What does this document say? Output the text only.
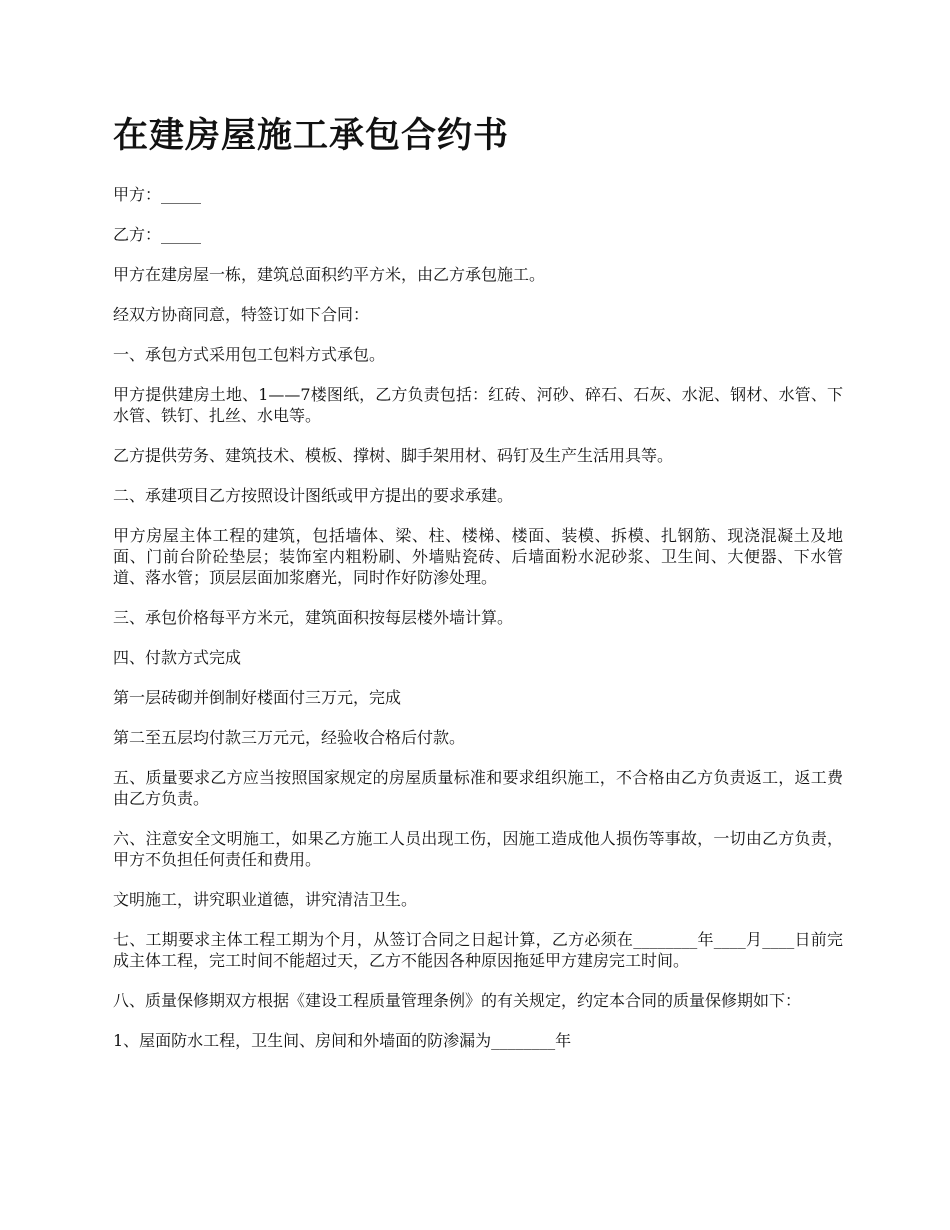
在建房屋施工承包合约书

甲方：_____

乙方：_____

甲方在建房屋一栋，建筑总面积约平方米，由乙方承包施工。

经双方协商同意，特签订如下合同：

一、承包方式采用包工包料方式承包。

甲方提供建房土地、1——7楼图纸，乙方负责包括：红砖、河砂、碎石、石灰、水泥、钢材、水管、下水管、铁钉、扎丝、水电等。

乙方提供劳务、建筑技术、模板、撑树、脚手架用材、码钉及生产生活用具等。

二、承建项目乙方按照设计图纸或甲方提出的要求承建。

甲方房屋主体工程的建筑，包括墙体、梁、柱、楼梯、楼面、装模、拆模、扎钢筋、现浇混凝土及地面、门前台阶砼垫层；装饰室内粗粉刷、外墙贴瓷砖、后墙面粉水泥砂浆、卫生间、大便器、下水管道、落水管；顶层层面加浆磨光，同时作好防渗处理。

三、承包价格每平方米元，建筑面积按每层楼外墙计算。

四、付款方式完成

第一层砖砌并倒制好楼面付三万元，完成

第二至五层均付款三万元元，经验收合格后付款。

五、质量要求乙方应当按照国家规定的房屋质量标准和要求组织施工，不合格由乙方负责返工，返工费由乙方负责。

六、注意安全文明施工，如果乙方施工人员出现工伤，因施工造成他人损伤等事故，一切由乙方负责，甲方不负担任何责任和费用。

文明施工，讲究职业道德，讲究清洁卫生。

七、工期要求主体工程工期为个月，从签订合同之日起计算，乙方必须在________年____月____日前完成主体工程，完工时间不能超过天，乙方不能因各种原因拖延甲方建房完工时间。

八、质量保修期双方根据《建设工程质量管理条例》的有关规定，约定本合同的质量保修期如下：

1、屋面防水工程，卫生间、房间和外墙面的防渗漏为________年
